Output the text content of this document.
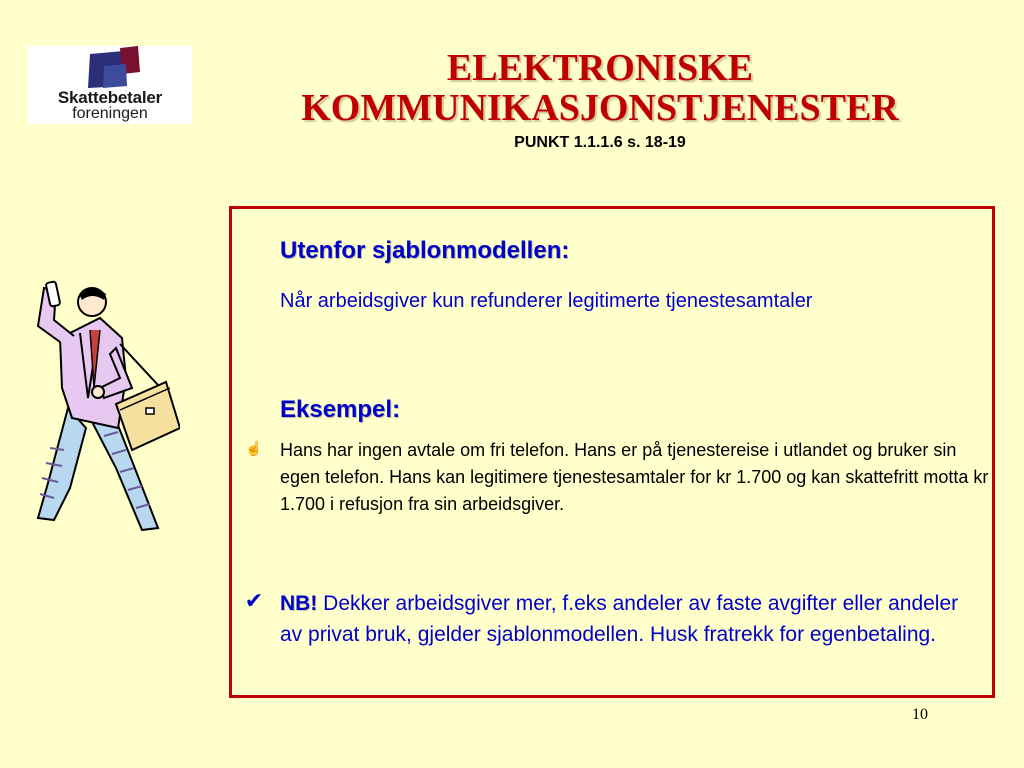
Skattebetaler
foreningen
ELEKTRONISKE
KOMMUNIKASJONSTJENESTER
PUNKT 1.1.1.6 s. 18-19
Utenfor sjablonmodellen:
Når arbeidsgiver kun refunderer legitimerte tjenestesamtaler
Eksempel:
☝ Hans har ingen avtale om fri telefon. Hans er på tjenestereise i utlandet og bruker sin egen telefon. Hans kan legitimere tjenestesamtaler for kr 1.700 og kan skattefritt motta kr 1.700 i refusjon fra sin arbeidsgiver.
✔ NB! Dekker arbeidsgiver mer, f.eks andeler av faste avgifter eller andeler av privat bruk, gjelder sjablonmodellen. Husk fratrekk for egenbetaling.
10
